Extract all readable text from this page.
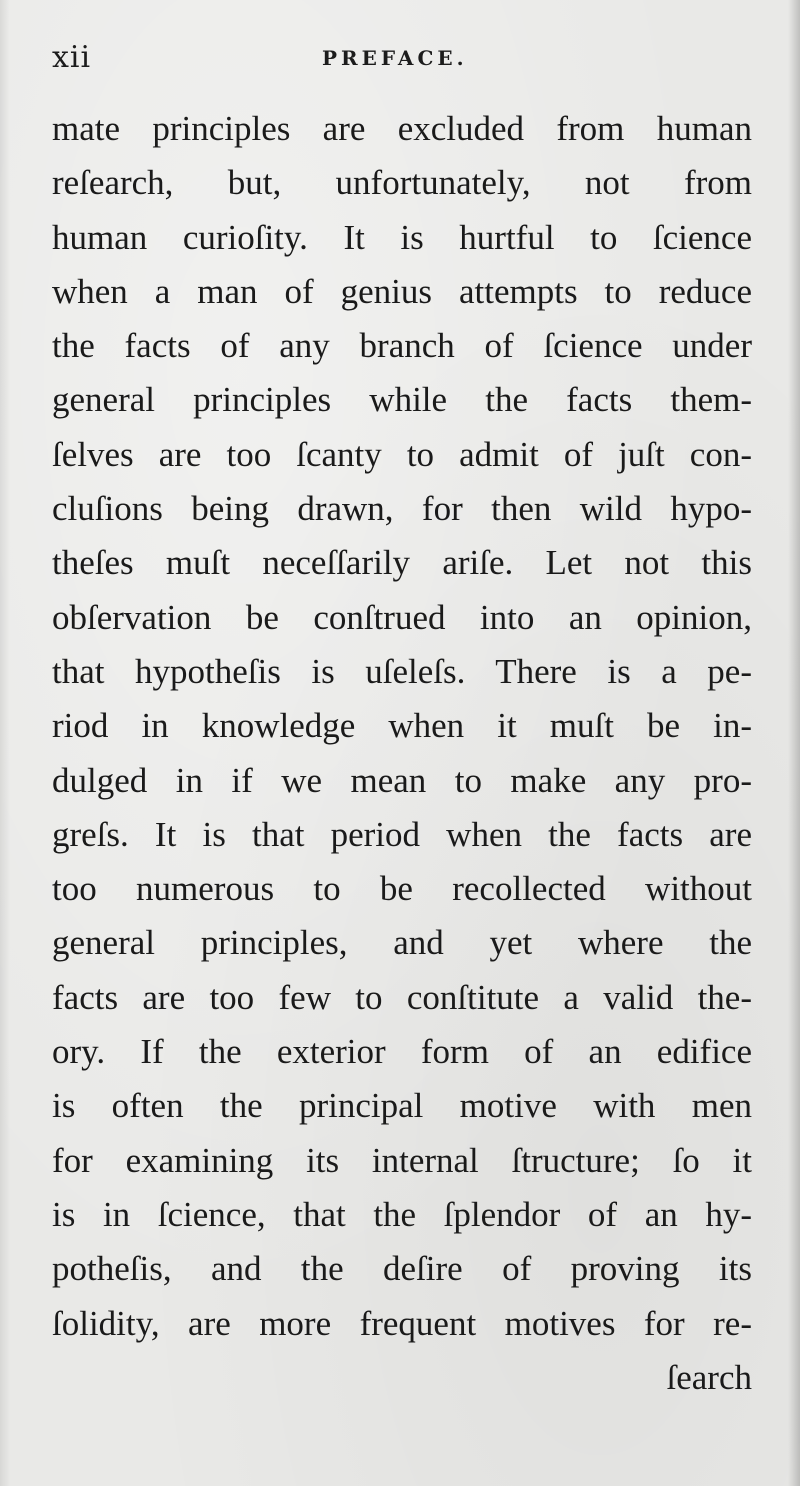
xii	PREFACE.
mate principles are excluded from human
reſearch, but, unfortunately, not from
human curioſity. It is hurtful to ſcience
when a man of genius attempts to reduce
the facts of any branch of ſcience under
general principles while the facts them-
ſelves are too ſcanty to admit of juſt con-
cluſions being drawn, for then wild hypo-
theſes muſt neceſſarily ariſe. Let not this
obſervation be conſtrued into an opinion,
that hypotheſis is uſeleſs. There is a pe-
riod in knowledge when it muſt be in-
dulged in if we mean to make any pro-
greſs. It is that period when the facts are
too numerous to be recollected without
general principles, and yet where the
facts are too few to conſtitute a valid the-
ory. If the exterior form of an edifice
is often the principal motive with men
for examining its internal ſtructure; ſo it
is in ſcience, that the ſplendor of an hy-
potheſis, and the deſire of proving its
ſolidity, are more frequent motives for re-
ſearch
